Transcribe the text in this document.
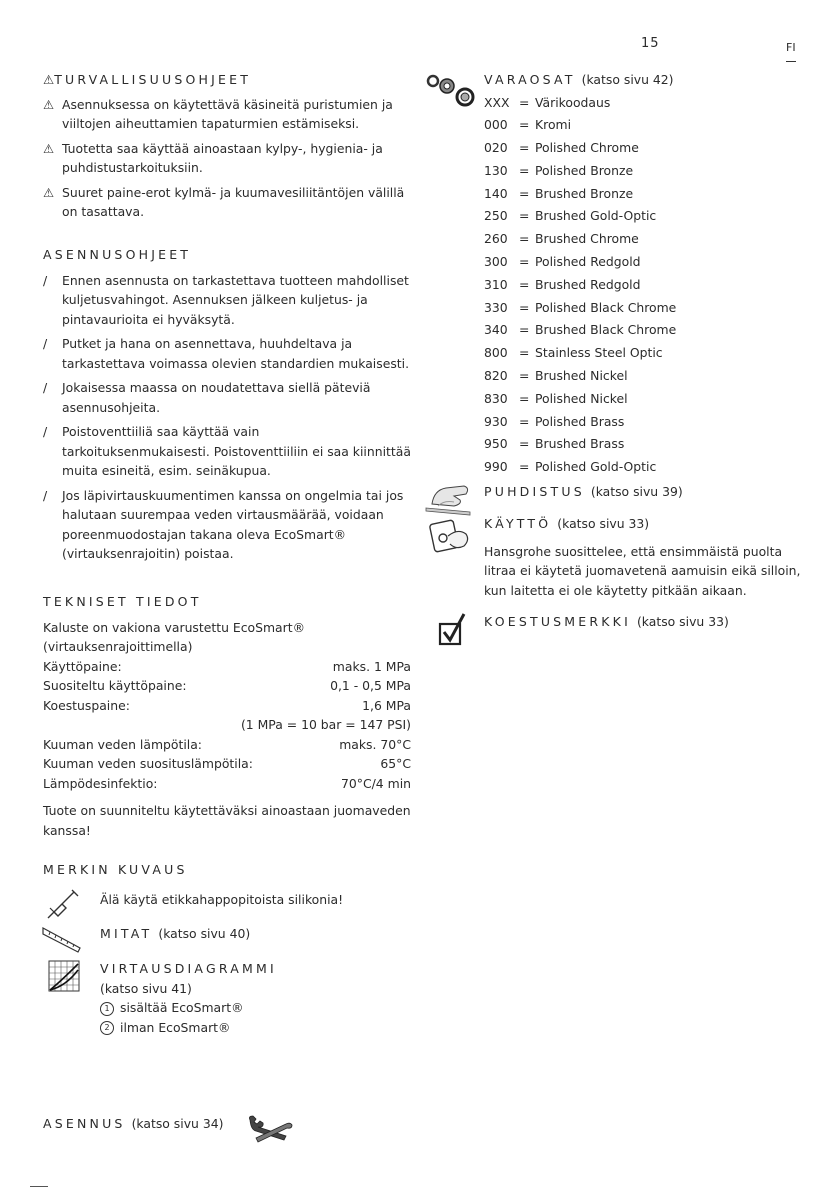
15	FI
⚠TURVALLISUUSOHJEET
⚠ Asennuksessa on käytettävä käsineitä puristumien ja viiltojen aiheuttamien tapaturmien estämiseksi.
⚠ Tuotetta saa käyttää ainoastaan kylpy-, hygienia- ja puhdistustarkoituksiin.
⚠ Suuret paine-erot kylmä- ja kuumavesiliitäntöjen välillä on tasattava.
ASENNUSOHJEET
/ Ennen asennusta on tarkastettava tuotteen mahdolliset kuljetusvahingot. Asennuksen jälkeen kuljetus- ja pintavaurioita ei hyväksytä.
/ Putket ja hana on asennettava, huuhdeltava ja tarkastettava voimassa olevien standardien mukaisesti.
/ Jokaisessa maassa on noudatettava siellä päteviä asennusohjeita.
/ Poistoventtiiliä saa käyttää vain tarkoituksenmukaisesti. Poistoventtiiliin ei saa kiinnittää muita esineitä, esim. seinäkupua.
/ Jos läpivirtauskuumentimen kanssa on ongelmia tai jos halutaan suurempaa veden virtausmäärää, voidaan poreenmuodostajan takana oleva EcoSmart® (virtauksenrajoitin) poistaa.
TEKNISET TIEDOT
Kaluste on vakiona varustettu EcoSmart® (virtauksenrajoittimella)
Käyttöpaine:	maks. 1 MPa
Suositeltu käyttöpaine:	0,1 - 0,5 MPa
Koestuspaine:	1,6 MPa
(1 MPa = 10 bar = 147 PSI)
Kuuman veden lämpötila:	maks. 70°C
Kuuman veden suosituslämpötila:	65°C
Lämpödesinfektio:	70°C/4 min
Tuote on suunniteltu käytettäväksi ainoastaan juomaveden kanssa!
MERKIN KUVAUS
Älä käytä etikkahappopitoista silikonia!
MITAT (katso sivu 40)
VIRTAUSDIAGRAMMI
(katso sivu 41)
1 sisältää EcoSmart®
2 ilman EcoSmart®
ASENNUS (katso sivu 34)
VARAOSAT (katso sivu 42)
XXX = Värikoodaus
000 = Kromi
020 = Polished Chrome
130 = Polished Bronze
140 = Brushed Bronze
250 = Brushed Gold-Optic
260 = Brushed Chrome
300 = Polished Redgold
310 = Brushed Redgold
330 = Polished Black Chrome
340 = Brushed Black Chrome
800 = Stainless Steel Optic
820 = Brushed Nickel
830 = Polished Nickel
930 = Polished Brass
950 = Brushed Brass
990 = Polished Gold-Optic
PUHDISTUS (katso sivu 39)
KÄYTTÖ (katso sivu 33)
Hansgrohe suosittelee, että ensimmäistä puolta litraa ei käytetä juomavetenä aamuisin eikä silloin, kun laitetta ei ole käytetty pitkään aikaan.
KOESTUSMERKKI (katso sivu 33)
